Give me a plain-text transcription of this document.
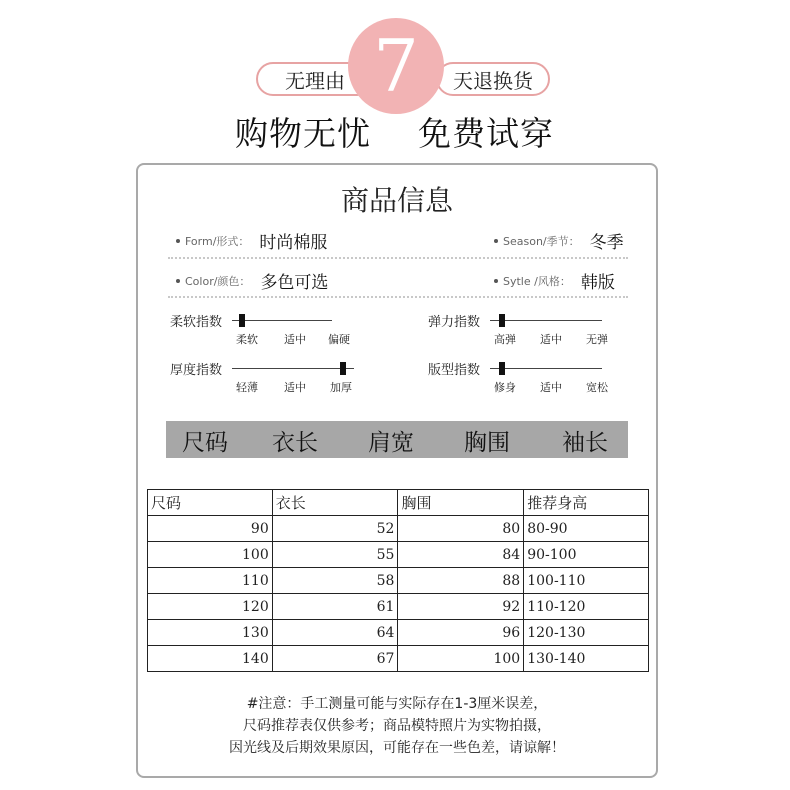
无理由	天退换货
7
购物无忧 免费试穿
商品信息
Form/形式： 时尚棉服	Season/季节： 冬季
Color/颜色： 多色可选	Sytle /风格： 韩版
柔软指数
柔软 适中 偏硬
弹力指数
高弹 适中 无弹
厚度指数
轻薄 适中 加厚
版型指数
修身 适中 宽松
尺码 衣长 肩宽 胸围 袖长
尺码	衣长	胸围	推荐身高
90	52	80	80-90
100	55	84	90-100
110	58	88	100-110
120	61	92	110-120
130	64	96	120-130
140	67	100	130-140
#注意：手工测量可能与实际存在1-3厘米误差，
尺码推荐表仅供参考；商品模特照片为实物拍摄，
因光线及后期效果原因，可能存在一些色差，请谅解！
